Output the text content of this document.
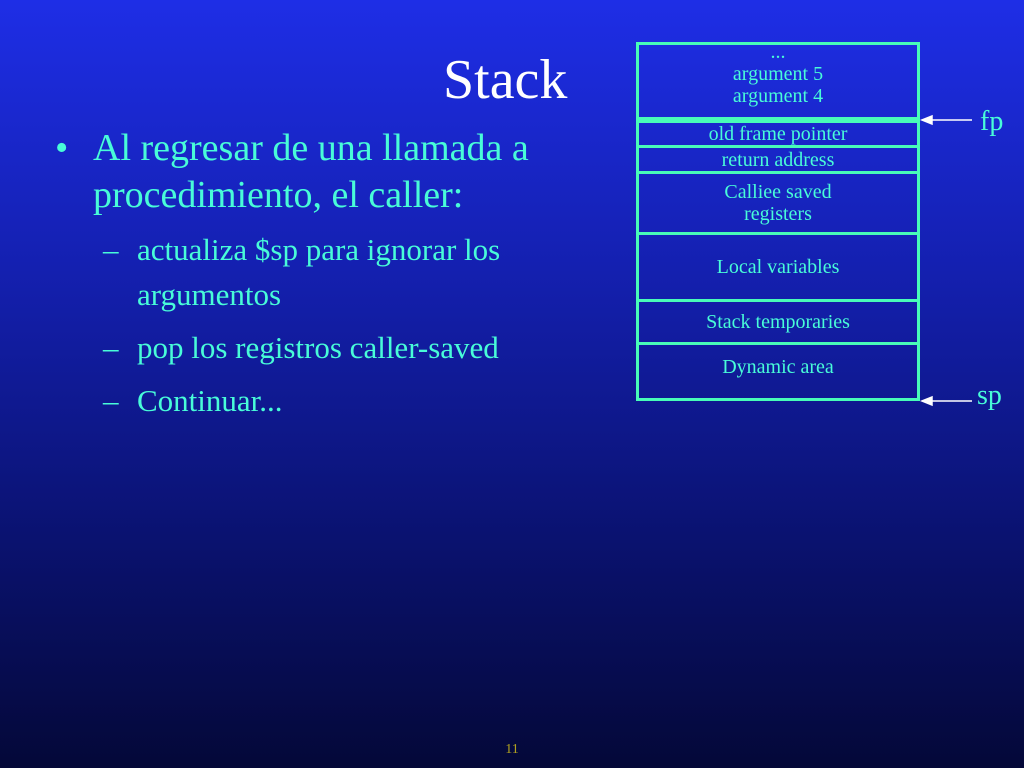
Stack
• Al regresar de una llamada a procedimiento, el caller:
– actualiza $sp para ignorar los argumentos
– pop los registros caller-saved
– Continuar...
...
argument 5
argument 4
old frame pointer
return address
Calliee saved
registers
Local variables
Stack temporaries
Dynamic area
fp
sp
11
